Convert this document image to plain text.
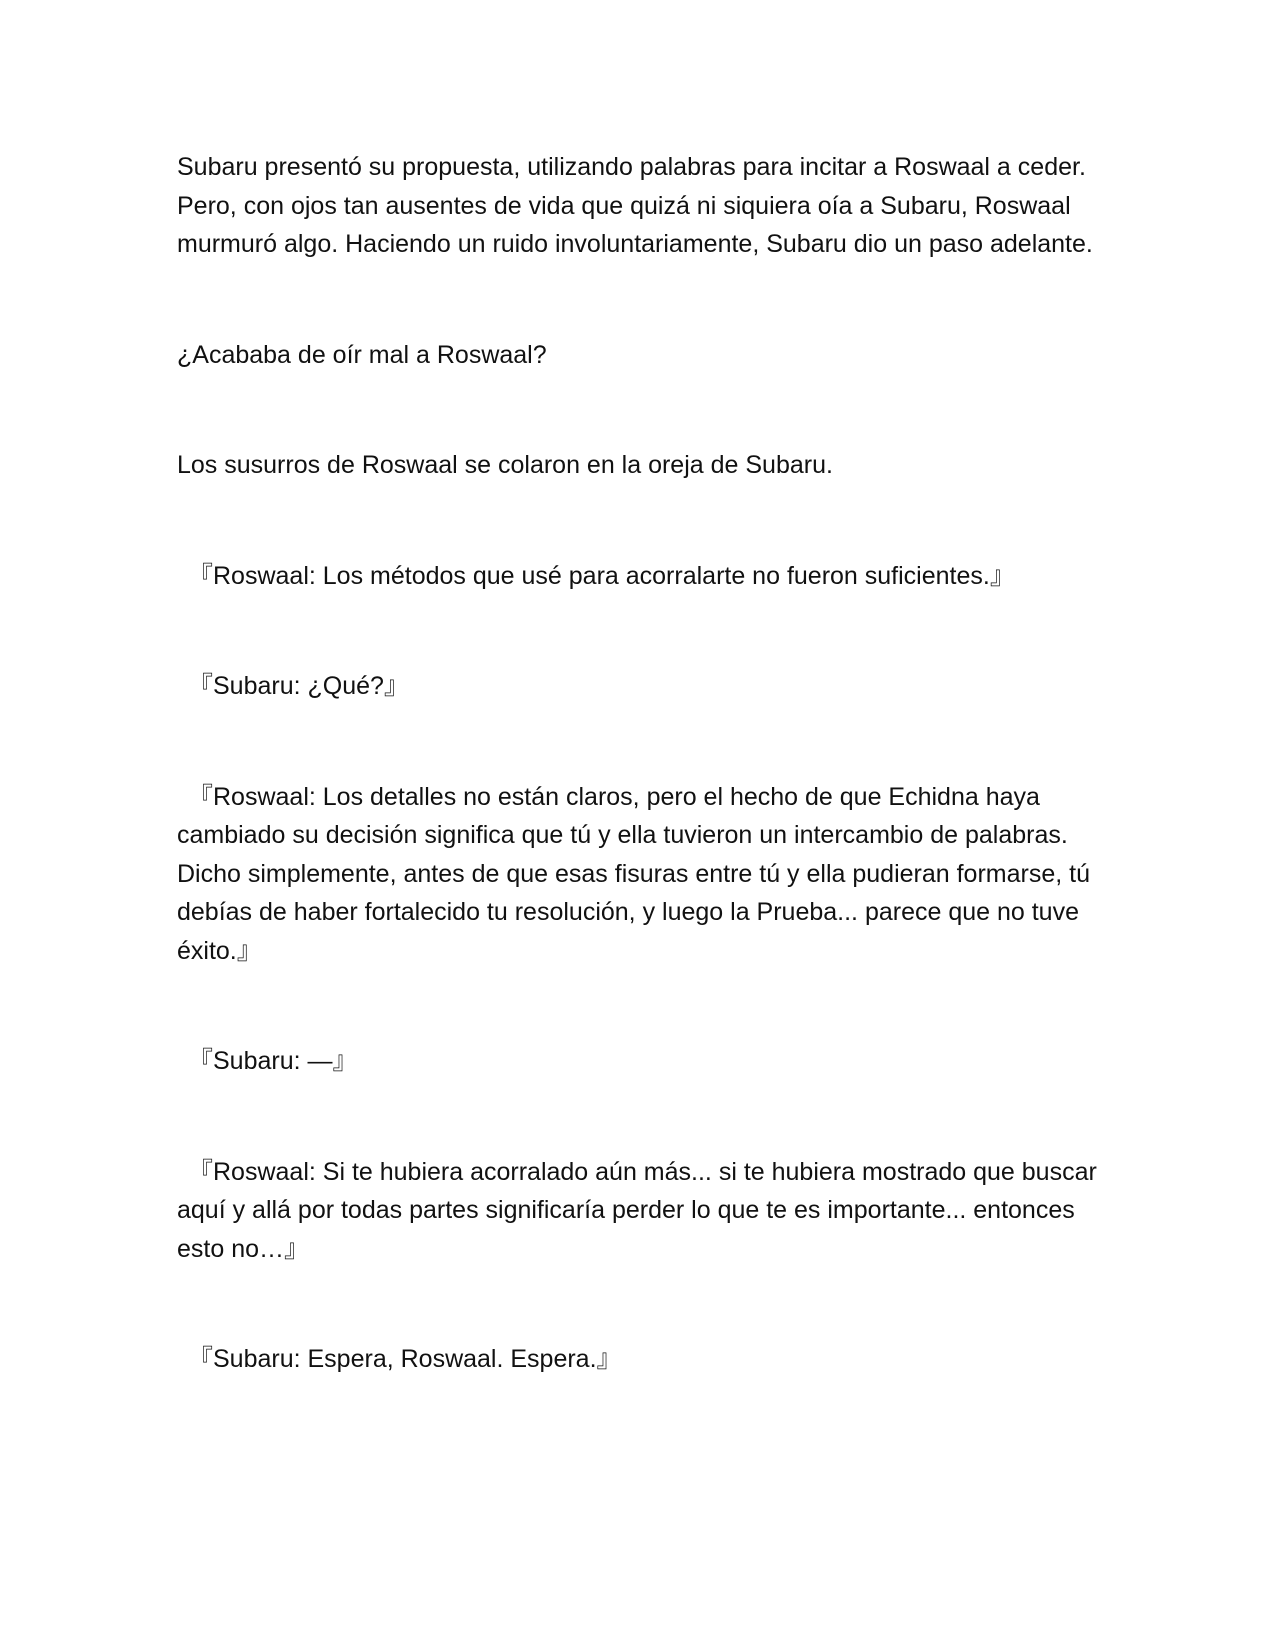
Subaru presentó su propuesta, utilizando palabras para incitar a Roswaal a ceder. Pero, con ojos tan ausentes de vida que quizá ni siquiera oía a Subaru, Roswaal murmuró algo. Haciendo un ruido involuntariamente, Subaru dio un paso adelante.

¿Acababa de oír mal a Roswaal?

Los susurros de Roswaal se colaron en la oreja de Subaru.

『Roswaal: Los métodos que usé para acorralarte no fueron suficientes.』

『Subaru: ¿Qué?』

『Roswaal: Los detalles no están claros, pero el hecho de que Echidna haya cambiado su decisión significa que tú y ella tuvieron un intercambio de palabras. Dicho simplemente, antes de que esas fisuras entre tú y ella pudieran formarse, tú debías de haber fortalecido tu resolución, y luego la Prueba... parece que no tuve éxito.』

『Subaru: —』

『Roswaal: Si te hubiera acorralado aún más... si te hubiera mostrado que buscar aquí y allá por todas partes significaría perder lo que te es importante... entonces esto no…』

『Subaru: Espera, Roswaal. Espera.』
